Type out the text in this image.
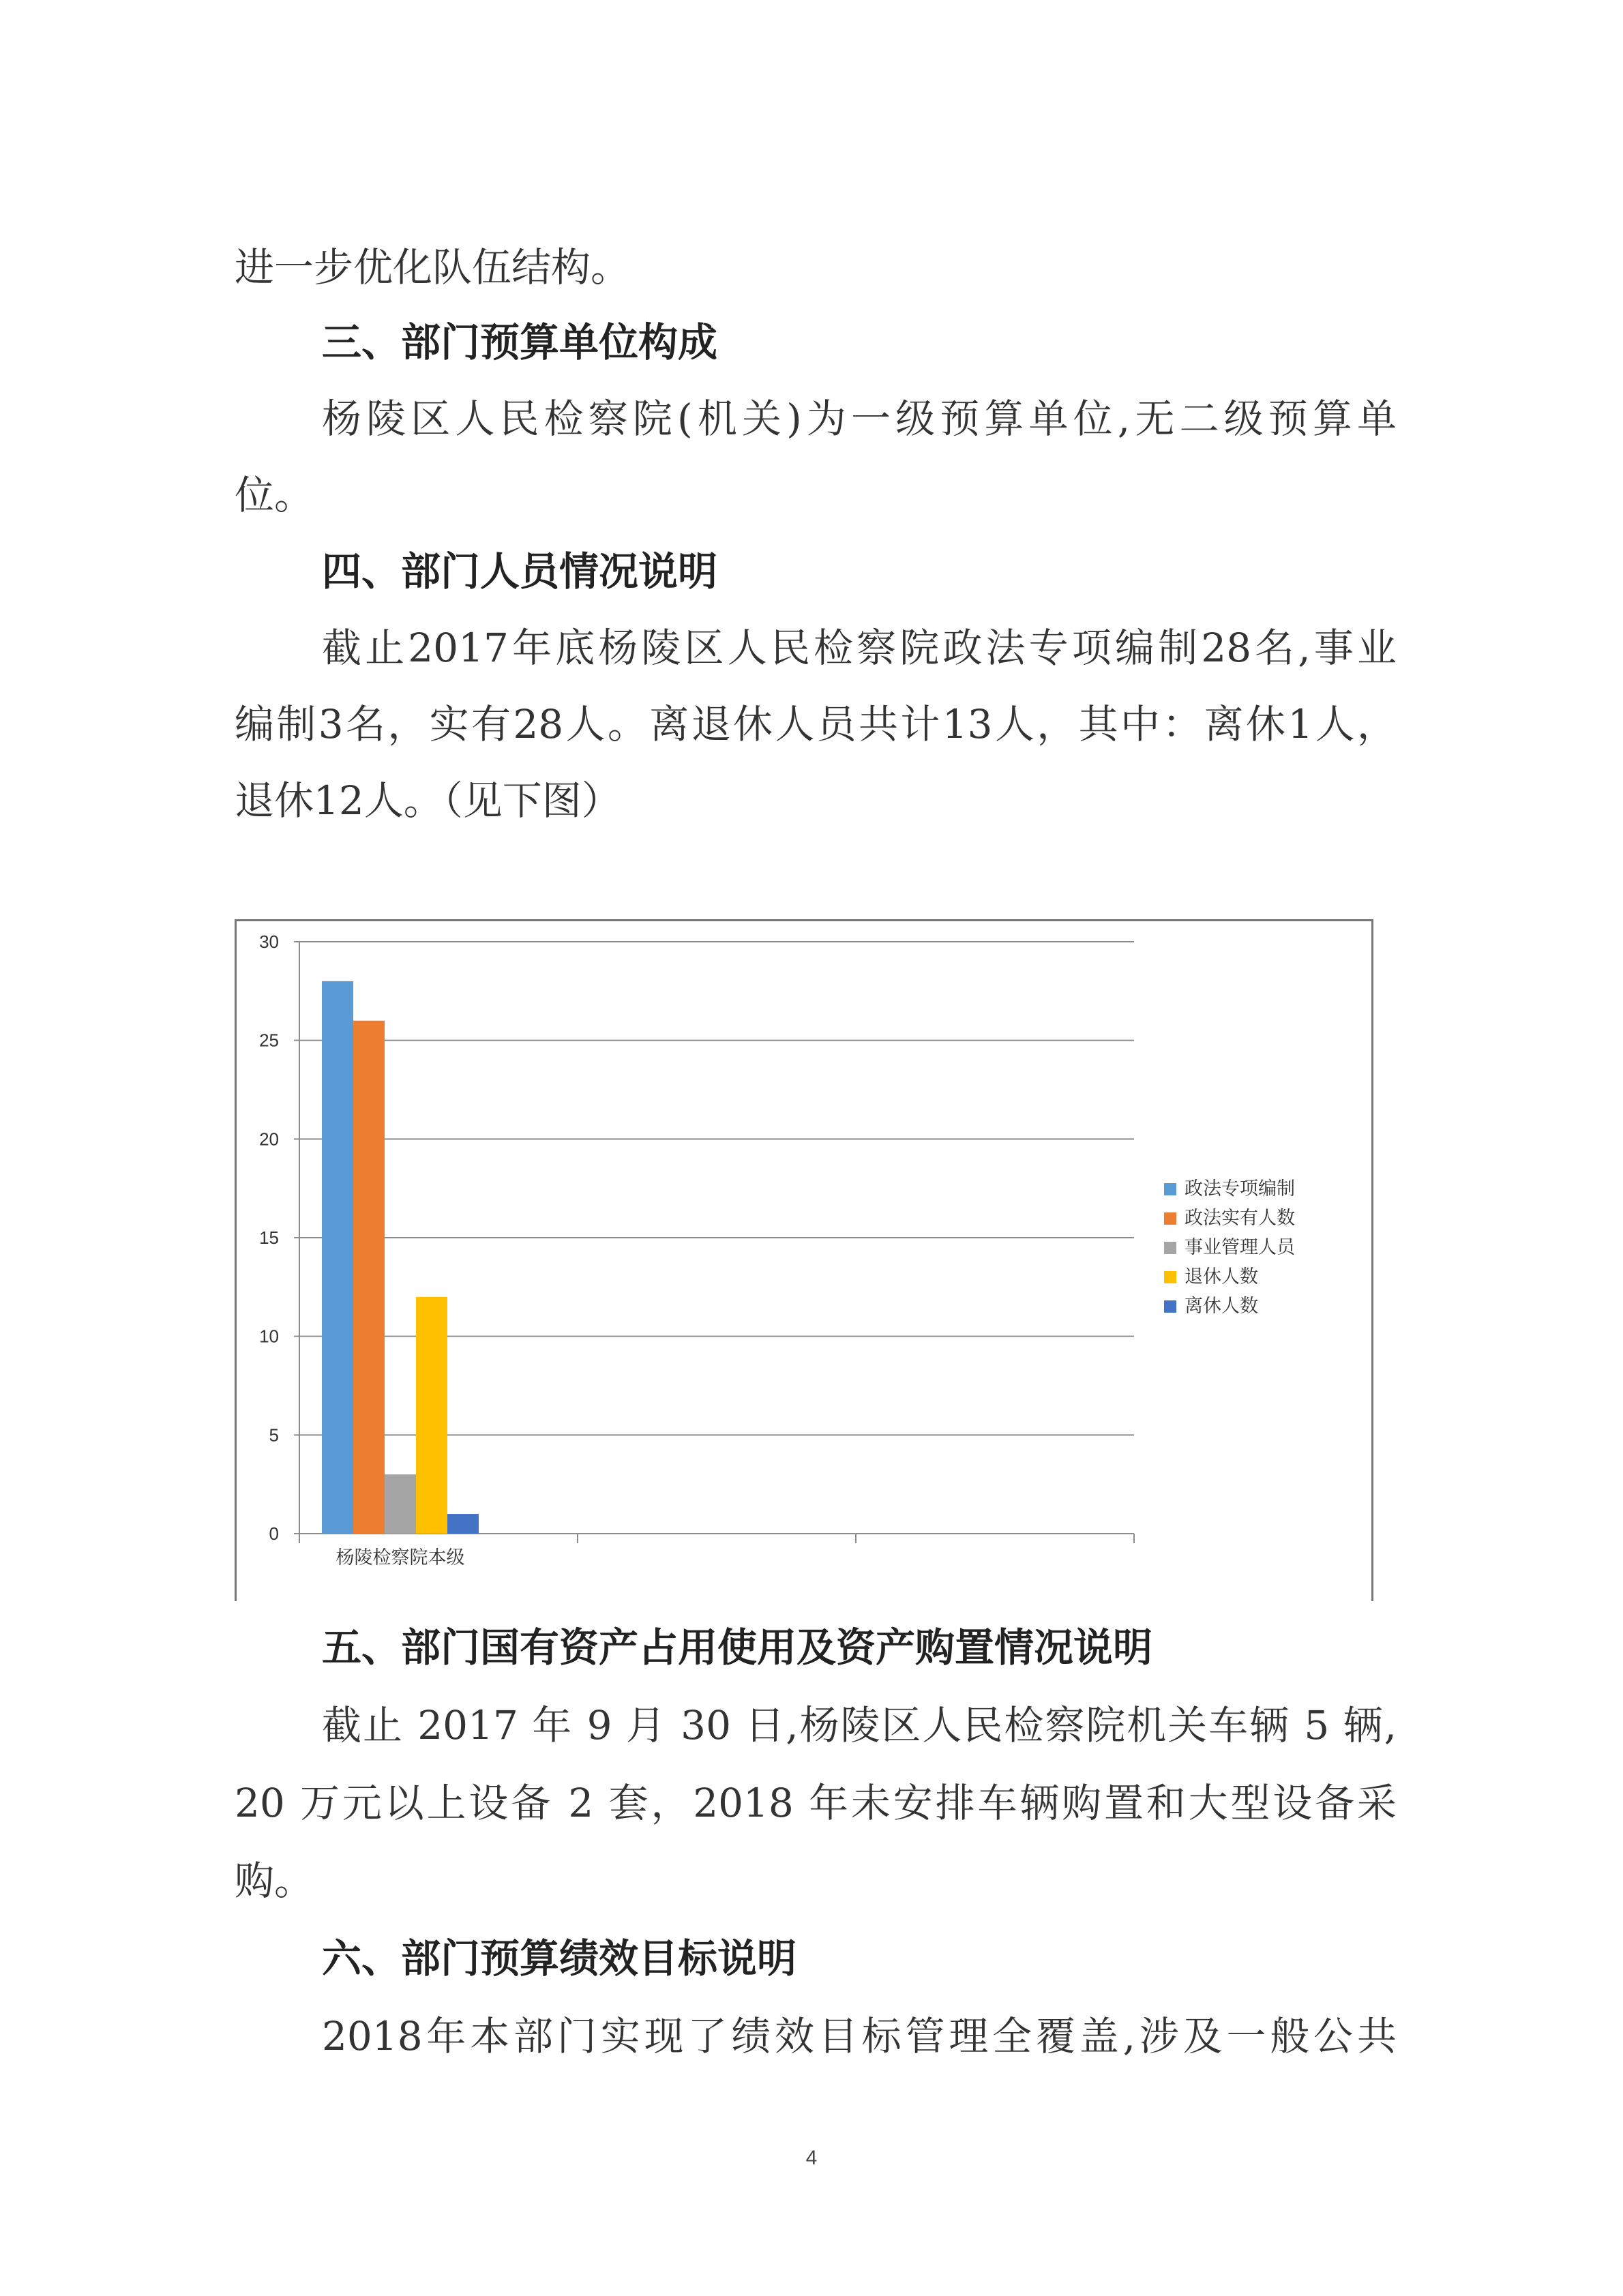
进一步优化队伍结构。
三、部门预算单位构成
杨陵区人民检察院(机关)为一级预算单位,无二级预算单
位。
四、部门人员情况说明
截止2017年底杨陵区人民检察院政法专项编制28名,事业
编制3名，实有28人。离退休人员共计13人，其中：离休1人，
退休12人。（见下图）
0
5
10
15
20
25
30
杨陵检察院本级
政法专项编制
政法实有人数
事业管理人员
退休人数
离休人数
五、部门国有资产占用使用及资产购置情况说明
截止 2017 年 9 月 30 日,杨陵区人民检察院机关车辆 5 辆,
20 万元以上设备 2 套，2018 年未安排车辆购置和大型设备采
购。
六、部门预算绩效目标说明
2018年本部门实现了绩效目标管理全覆盖,涉及一般公共
4
